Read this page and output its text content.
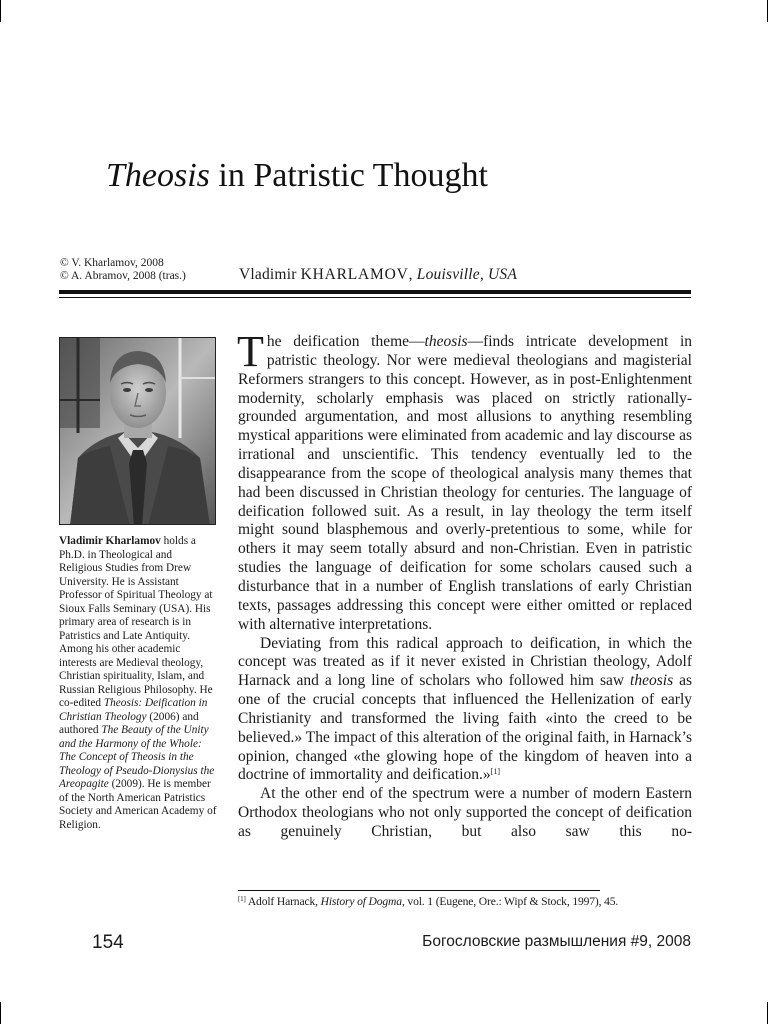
Theosis in Patristic Thought
© V. Kharlamov, 2008
© A. Abramov, 2008 (tras.)	Vladimir KHARLAMOV, Louisville, USA
Vladimir Kharlamov holds a Ph.D. in Theological and Religious Studies from Drew University. He is Assistant Professor of Spiritual Theology at Sioux Falls Seminary (USA). His primary area of research is in Patristics and Late Antiquity. Among his other academic interests are Medieval theology, Christian spirituality, Islam, and Russian Religious Philosophy. He co-edited Theosis: Deification in Christian Theology (2006) and authored The Beauty of the Unity and the Harmony of the Whole: The Concept of Theosis in the Theology of Pseudo-Dionysius the Areopagite (2009). He is member of the North American Patristics Society and American Academy of Religion.

The deification theme—theosis—finds intricate development in patristic theology. Nor were medieval theologians and magisterial Reformers strangers to this concept. However, as in post-Enlightenment modernity, scholarly emphasis was placed on strictly rationally-grounded argumentation, and most allusions to anything resembling mystical apparitions were eliminated from academic and lay discourse as irrational and unscientific. This tendency eventually led to the disappearance from the scope of theological analysis many themes that had been discussed in Christian theology for centuries. The language of deification followed suit. As a result, in lay theology the term itself might sound blasphemous and overly-pretentious to some, while for others it may seem totally absurd and non-Christian. Even in patristic studies the language of deification for some scholars caused such a disturbance that in a number of English translations of early Christian texts, passages addressing this concept were either omitted or replaced with alternative interpretations.

Deviating from this radical approach to deification, in which the concept was treated as if it never existed in Christian theology, Adolf Harnack and a long line of scholars who followed him saw theosis as one of the crucial concepts that influenced the Hellenization of early Christianity and transformed the living faith «into the creed to be believed.» The impact of this alteration of the original faith, in Harnack’s opinion, changed «the glowing hope of the kingdom of heaven into a doctrine of immortality and deification.»[1]

At the other end of the spectrum were a number of modern Eastern Orthodox theologians who not only supported the concept of deification as genuinely Christian, but also saw this no-

[1] Adolf Harnack, History of Dogma, vol. 1 (Eugene, Ore.: Wipf & Stock, 1997), 45.
154	Богословские размышления #9, 2008
